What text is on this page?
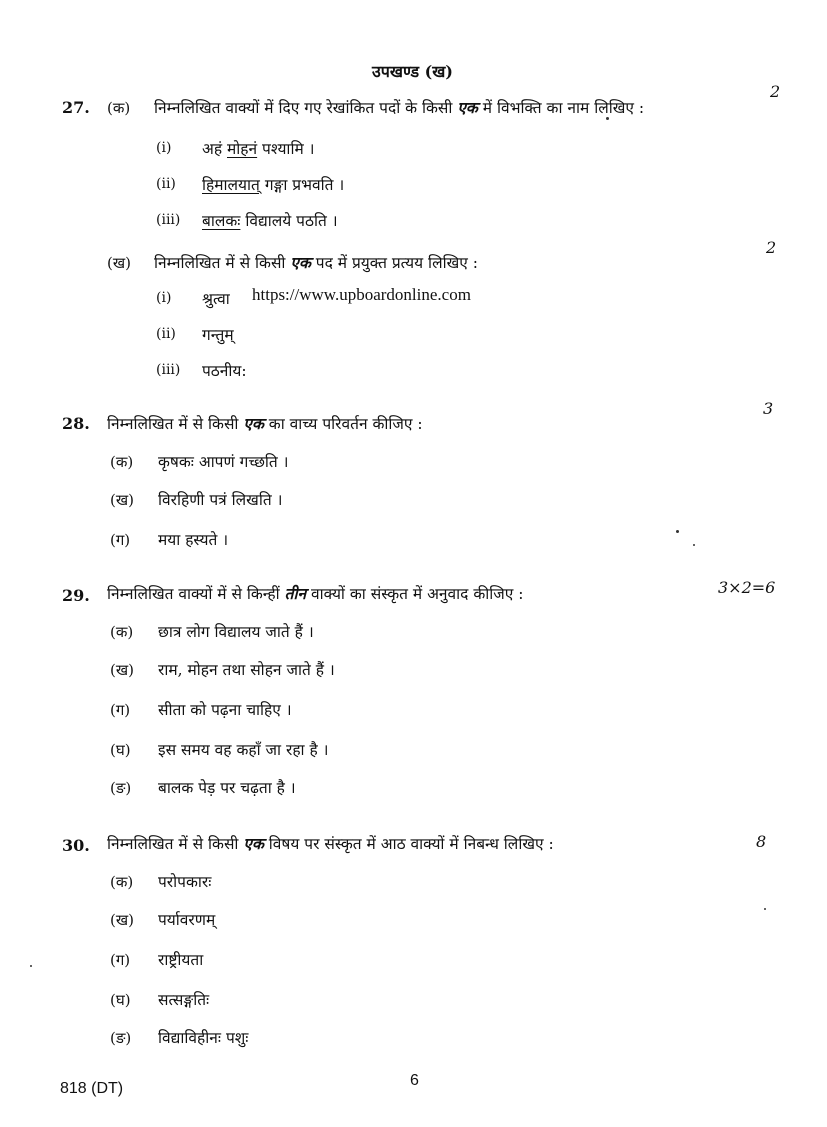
उपखण्ड (ख)
27. (क) निम्नलिखित वाक्यों में दिए गए रेखांकित पदों के किसी एक में विभक्ति का नाम लिखिए :
2
(i) अहं मोहनं पश्यामि ।
(ii) हिमालयात् गङ्गा प्रभवति ।
(iii) बालकः विद्यालये पठति ।
(ख) निम्नलिखित में से किसी एक पद में प्रयुक्त प्रत्यय लिखिए :
2
(i) श्रुत्वा https://www.upboardonline.com
(ii) गन्तुम्
(iii) पठनीय:
28. निम्नलिखित में से किसी एक का वाच्य परिवर्तन कीजिए :
3
(क) कृषकः आपणं गच्छति ।
(ख) विरहिणी पत्रं लिखति ।
(ग) मया हस्यते ।
29. निम्नलिखित वाक्यों में से किन्हीं तीन वाक्यों का संस्कृत में अनुवाद कीजिए :	3×2=6
(क) छात्र लोग विद्यालय जाते हैं ।
(ख) राम, मोहन तथा सोहन जाते हैं ।
(ग) सीता को पढ़ना चाहिए ।
(घ) इस समय वह कहाँ जा रहा है ।
(ङ) बालक पेड़ पर चढ़ता है ।
30. निम्नलिखित में से किसी एक विषय पर संस्कृत में आठ वाक्यों में निबन्ध लिखिए :	8
(क) परोपकारः
(ख) पर्यावरणम्
(ग) राष्ट्रीयता
(घ) सत्सङ्गतिः
(ङ) विद्याविहीनः पशुः
818 (DT)	6
